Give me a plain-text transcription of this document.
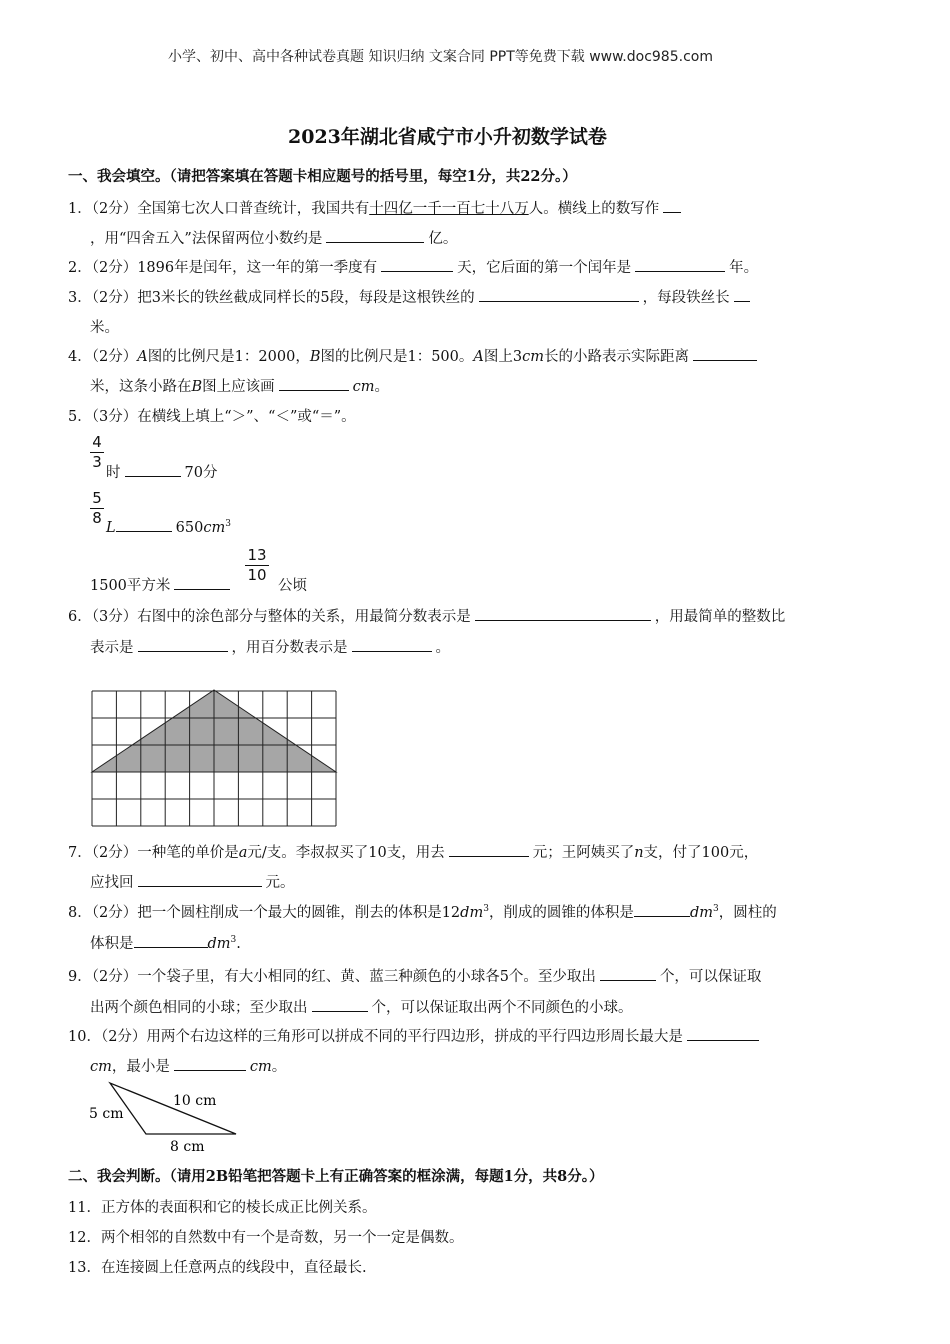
小学、初中、高中各种试卷真题 知识归纳 文案合同 PPT等免费下载 www.doc985.com
2023年湖北省咸宁市小升初数学试卷
一、我会填空。（请把答案填在答题卡相应题号的括号里，每空1分，共22分。）
1．（2分）全国第七次人口普查统计，我国共有十四亿一千一百七十八万人。横线上的数写作
，用“四舍五入”法保留两位小数约是	亿。
2．（2分）1896年是闰年，这一年的第一季度有	天，它后面的第一个闰年是	年。
3．（2分）把3米长的铁丝截成同样长的5段，每段是这根铁丝的	，每段铁丝长
米。
4．（2分）A图的比例尺是1：2000，B图的比例尺是1：500。A图上3cm长的小路表示实际距离
米，这条小路在B图上应该画	cm。
5．（3分）在横线上填上“＞”、“＜”或“＝”。
4
3
时	70分
5
8
L	$650cm^3$
1500平方米
13
10
公顷
6．（3分）右图中的涂色部分与整体的关系，用最简分数表示是	，用最简单的整数比
表示是	，用百分数表示是	。
7．（2分）一种笔的单价是a元/支。李叔叔买了10支，用去	元；王阿姨买了n支，付了100元，
应找回	元。
8．（2分）把一个圆柱削成一个最大的圆锥，削去的体积是$12dm^3$，削成的圆锥的体积是	$dm^3$，圆柱的
体积是	$dm^3$.
9．（2分）一个袋子里，有大小相同的红、黄、蓝三种颜色的小球各5个。至少取出	个，可以保证取
出两个颜色相同的小球；至少取出	个，可以保证取出两个不同颜色的小球。
10．（2分）用两个右边这样的三角形可以拼成不同的平行四边形，拼成的平行四边形周长最大是
cm，最小是	cm。
5 cm
10 cm
8 cm
二、我会判断。（请用2B铅笔把答题卡上有正确答案的框涂满，每题1分，共8分。）
11．正方体的表面积和它的棱长成正比例关系。
12．两个相邻的自然数中有一个是奇数，另一个一定是偶数。
13．在连接圆上任意两点的线段中，直径最长.
